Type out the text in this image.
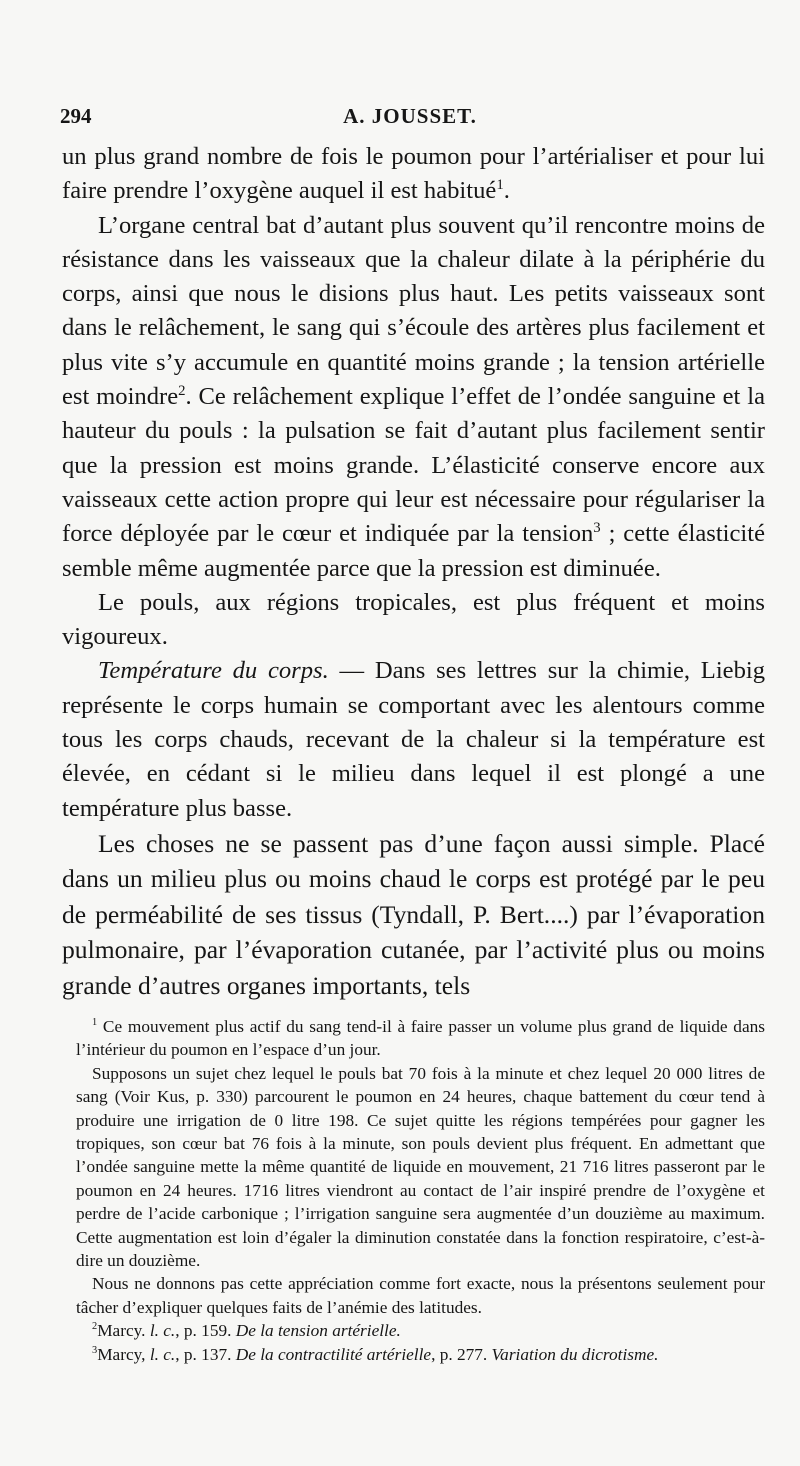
294	A. JOUSSET.

un plus grand nombre de fois le poumon pour l’artérialiser et pour lui faire prendre l’oxygène auquel il est habitué$^1$.

L’organe central bat d’autant plus souvent qu’il rencontre moins de résistance dans les vaisseaux que la chaleur dilate à la périphérie du corps, ainsi que nous le disions plus haut. Les petits vaisseaux sont dans le relâchement, le sang qui s’écoule des artères plus facilement et plus vite s’y accumule en quantité moins grande ; la tension artérielle est moindre$^2$. Ce relâchement explique l’effet de l’ondée sanguine et la hauteur du pouls : la pulsation se fait d’autant plus facilement sentir que la pression est moins grande. L’élasticité conserve encore aux vaisseaux cette action propre qui leur est nécessaire pour régulariser la force déployée par le cœur et indiquée par la tension$^3$ ; cette élasticité semble même augmentée parce que la pression est diminuée.

Le pouls, aux régions tropicales, est plus fréquent et moins vigoureux.

Température du corps. — Dans ses lettres sur la chimie, Liebig représente le corps humain se comportant avec les alentours comme tous les corps chauds, recevant de la chaleur si la température est élevée, en cédant si le milieu dans lequel il est plongé a une température plus basse.

Les choses ne se passent pas d’une façon aussi simple. Placé dans un milieu plus ou moins chaud le corps est protégé par le peu de perméabilité de ses tissus (Tyndall, P. Bert....) par l’évaporation pulmonaire, par l’évaporation cutanée, par l’activité plus ou moins grande d’autres organes importants, tels

$^1$ Ce mouvement plus actif du sang tend-il à faire passer un volume plus grand de liquide dans l’intérieur du poumon en l’espace d’un jour.

Supposons un sujet chez lequel le pouls bat 70 fois à la minute et chez lequel 20 000 litres de sang (Voir Kus, p. 330) parcourent le poumon en 24 heures, chaque battement du cœur tend à produire une irrigation de 0 litre 198. Ce sujet quitte les régions tempérées pour gagner les tropiques, son cœur bat 76 fois à la minute, son pouls devient plus fréquent. En admettant que l’ondée sanguine mette la même quantité de liquide en mouvement, 21 716 litres passeront par le poumon en 24 heures. 1716 litres viendront au contact de l’air inspiré prendre de l’oxygène et perdre de l’acide carbonique ; l’irrigation sanguine sera augmentée d’un douzième au maximum. Cette augmentation est loin d’égaler la diminution constatée dans la fonction respiratoire, c’est-à-dire un douzième.

Nous ne donnons pas cette appréciation comme fort exacte, nous la présentons seulement pour tâcher d’expliquer quelques faits de l’anémie des latitudes.

$^2$Marcy. l. c., p. 159. De la tension artérielle.

$^3$Marcy, l. c., p. 137. De la contractilité artérielle, p. 277. Variation du dicrotisme.
